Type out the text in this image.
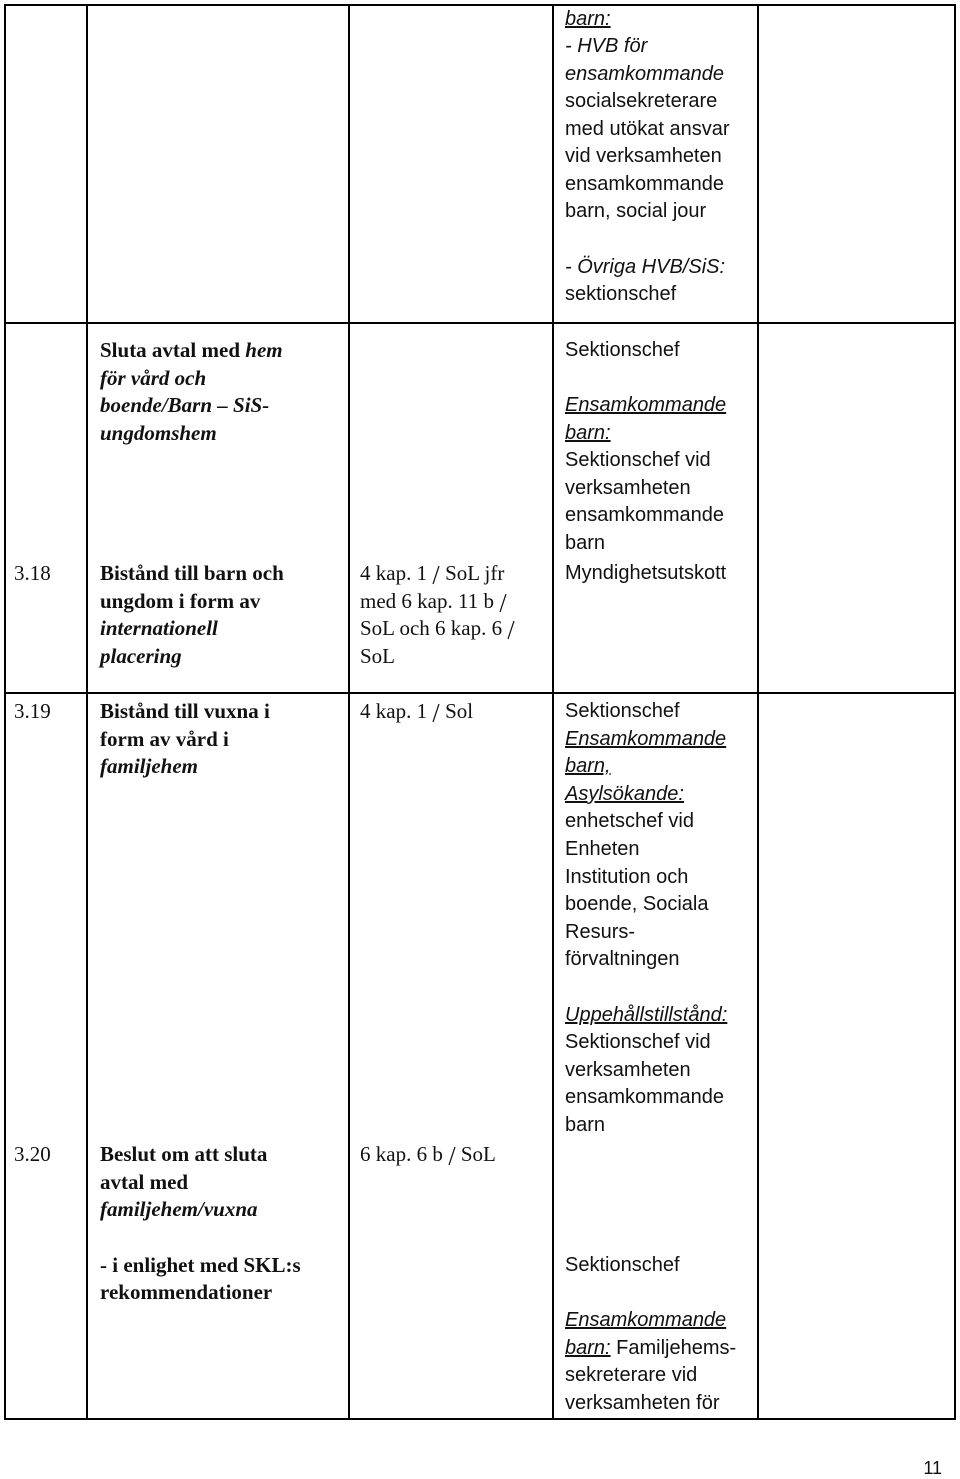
barn:
- HVB för
ensamkommande
socialsekreterare
med utökat ansvar
vid verksamheten
ensamkommande
barn, social jour
- Övriga HVB/SiS:
sektionschef
Sluta avtal med hem
för vård och
boende/Barn – SiS-
ungdomshem
Sektionschef
Ensamkommande
barn:
Sektionschef vid
verksamheten
ensamkommande
barn
3.18 Bistånd till barn och
ungdom i form av
internationell
placering
4 kap. 1 SoL jfr
med 6 kap. 11 b
SoL och 6 kap. 6
SoL
Myndighetsutskott
3.19 Bistånd till vuxna i
form av vård i
familjehem
4 kap. 1 Sol	Sektionschef
Ensamkommande
barn,
Asylsökande:
enhetschef vid
Enheten
Institution och
boende, Sociala
Resurs-
förvaltningen
Uppehållstillstånd:
Sektionschef vid
verksamheten
ensamkommande
barn
3.20 Beslut om att sluta
avtal med
familjehem/vuxna
- i enlighet med SKL:s
rekommendationer
6 kap. 6 b SoL
Sektionschef
Ensamkommande
barn: Familjehems-
sekreterare vid
verksamheten för
11
